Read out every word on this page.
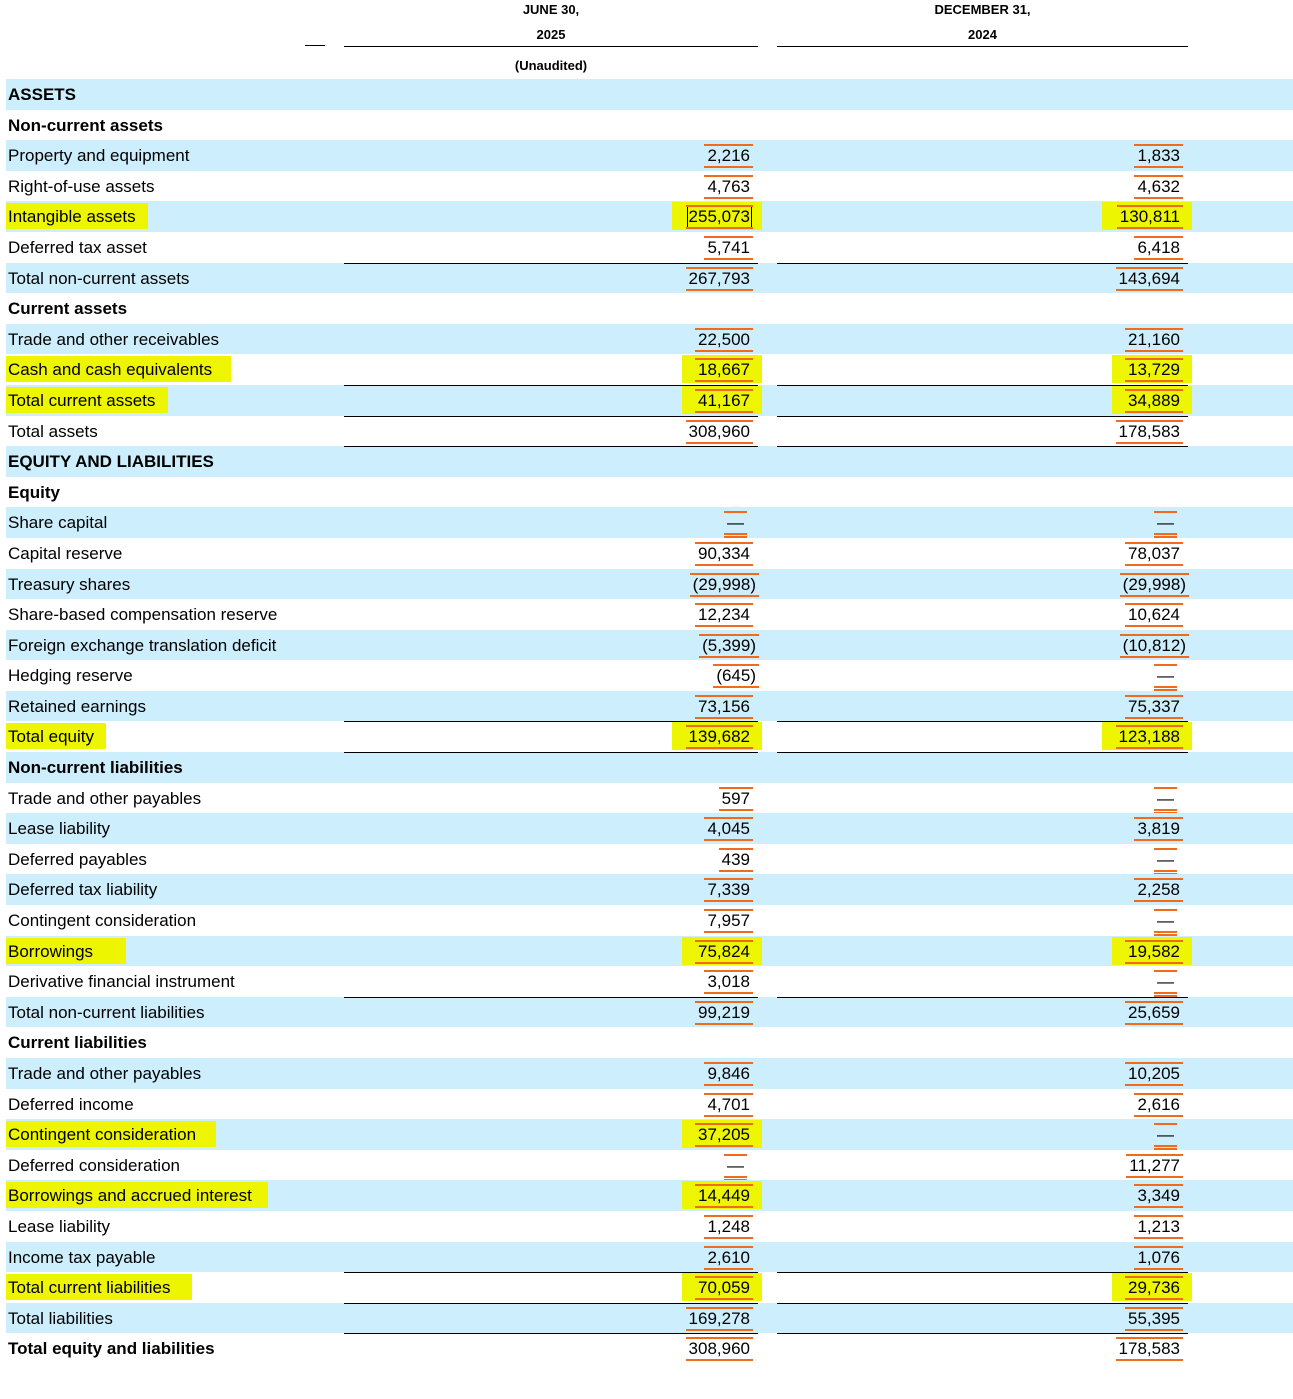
JUNE 30,
2025
(Unaudited)
DECEMBER 31,
2024
ASSETS
Non-current assets
Property and equipment	2,216	1,833
Right-of-use assets	4,763	4,632
Intangible assets	255,073	130,811
Deferred tax asset	5,741	6,418
Total non-current assets	267,793	143,694
Current assets
Trade and other receivables	22,500	21,160
Cash and cash equivalents	18,667	13,729
Total current assets	41,167	34,889
Total assets	308,960	178,583
EQUITY AND LIABILITIES
Equity
Share capital	—	—
Capital reserve	90,334	78,037
Treasury shares	(29,998)	(29,998)
Share-based compensation reserve	12,234	10,624
Foreign exchange translation deficit	(5,399)	(10,812)
Hedging reserve	(645)	—
Retained earnings	73,156	75,337
Total equity	139,682	123,188
Non-current liabilities
Trade and other payables	597	—
Lease liability	4,045	3,819
Deferred payables	439	—
Deferred tax liability	7,339	2,258
Contingent consideration	7,957	—
Borrowings	75,824	19,582
Derivative financial instrument	3,018	—
Total non-current liabilities	99,219	25,659
Current liabilities
Trade and other payables	9,846	10,205
Deferred income	4,701	2,616
Contingent consideration	37,205	—
Deferred consideration	—	11,277
Borrowings and accrued interest	14,449	3,349
Lease liability	1,248	1,213
Income tax payable	2,610	1,076
Total current liabilities	70,059	29,736
Total liabilities	169,278	55,395
Total equity and liabilities	308,960	178,583
